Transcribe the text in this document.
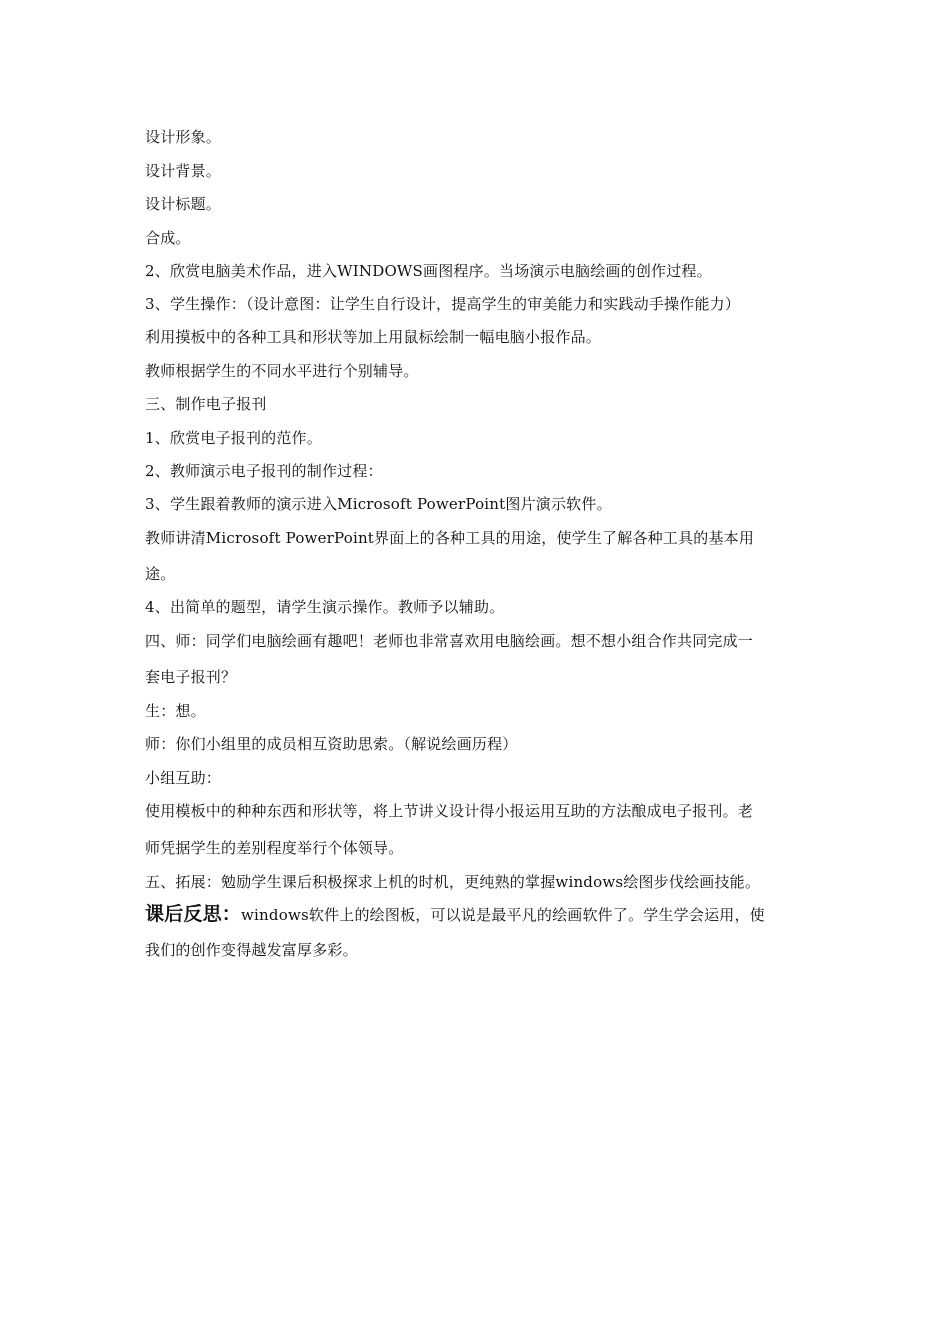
设计形象。
设计背景。
设计标题。
合成。
2、欣赏电脑美术作品，进入WINDOWS画图程序。当场演示电脑绘画的创作过程。
3、学生操作：（设计意图：让学生自行设计，提高学生的审美能力和实践动手操作能力）
利用摸板中的各种工具和形状等加上用鼠标绘制一幅电脑小报作品。
教师根据学生的不同水平进行个别辅导。
三、制作电子报刊
1、欣赏电子报刊的范作。
2、教师演示电子报刊的制作过程：
3、学生跟着教师的演示进入Microsoft PowerPoint图片演示软件。
教师讲清Microsoft PowerPoint界面上的各种工具的用途，使学生了解各种工具的基本用
途。
4、出简单的题型，请学生演示操作。教师予以辅助。
四、师：同学们电脑绘画有趣吧！老师也非常喜欢用电脑绘画。想不想小组合作共同完成一
套电子报刊？
生：想。
师：你们小组里的成员相互资助思索。（解说绘画历程）
小组互助：
使用模板中的种种东西和形状等，将上节讲义设计得小报运用互助的方法酿成电子报刊。老
师凭据学生的差别程度举行个体领导。
五、拓展：勉励学生课后积极探求上机的时机，更纯熟的掌握windows绘图步伐绘画技能。
课后反思：windows软件上的绘图板，可以说是最平凡的绘画软件了。学生学会运用，使
我们的创作变得越发富厚多彩。
